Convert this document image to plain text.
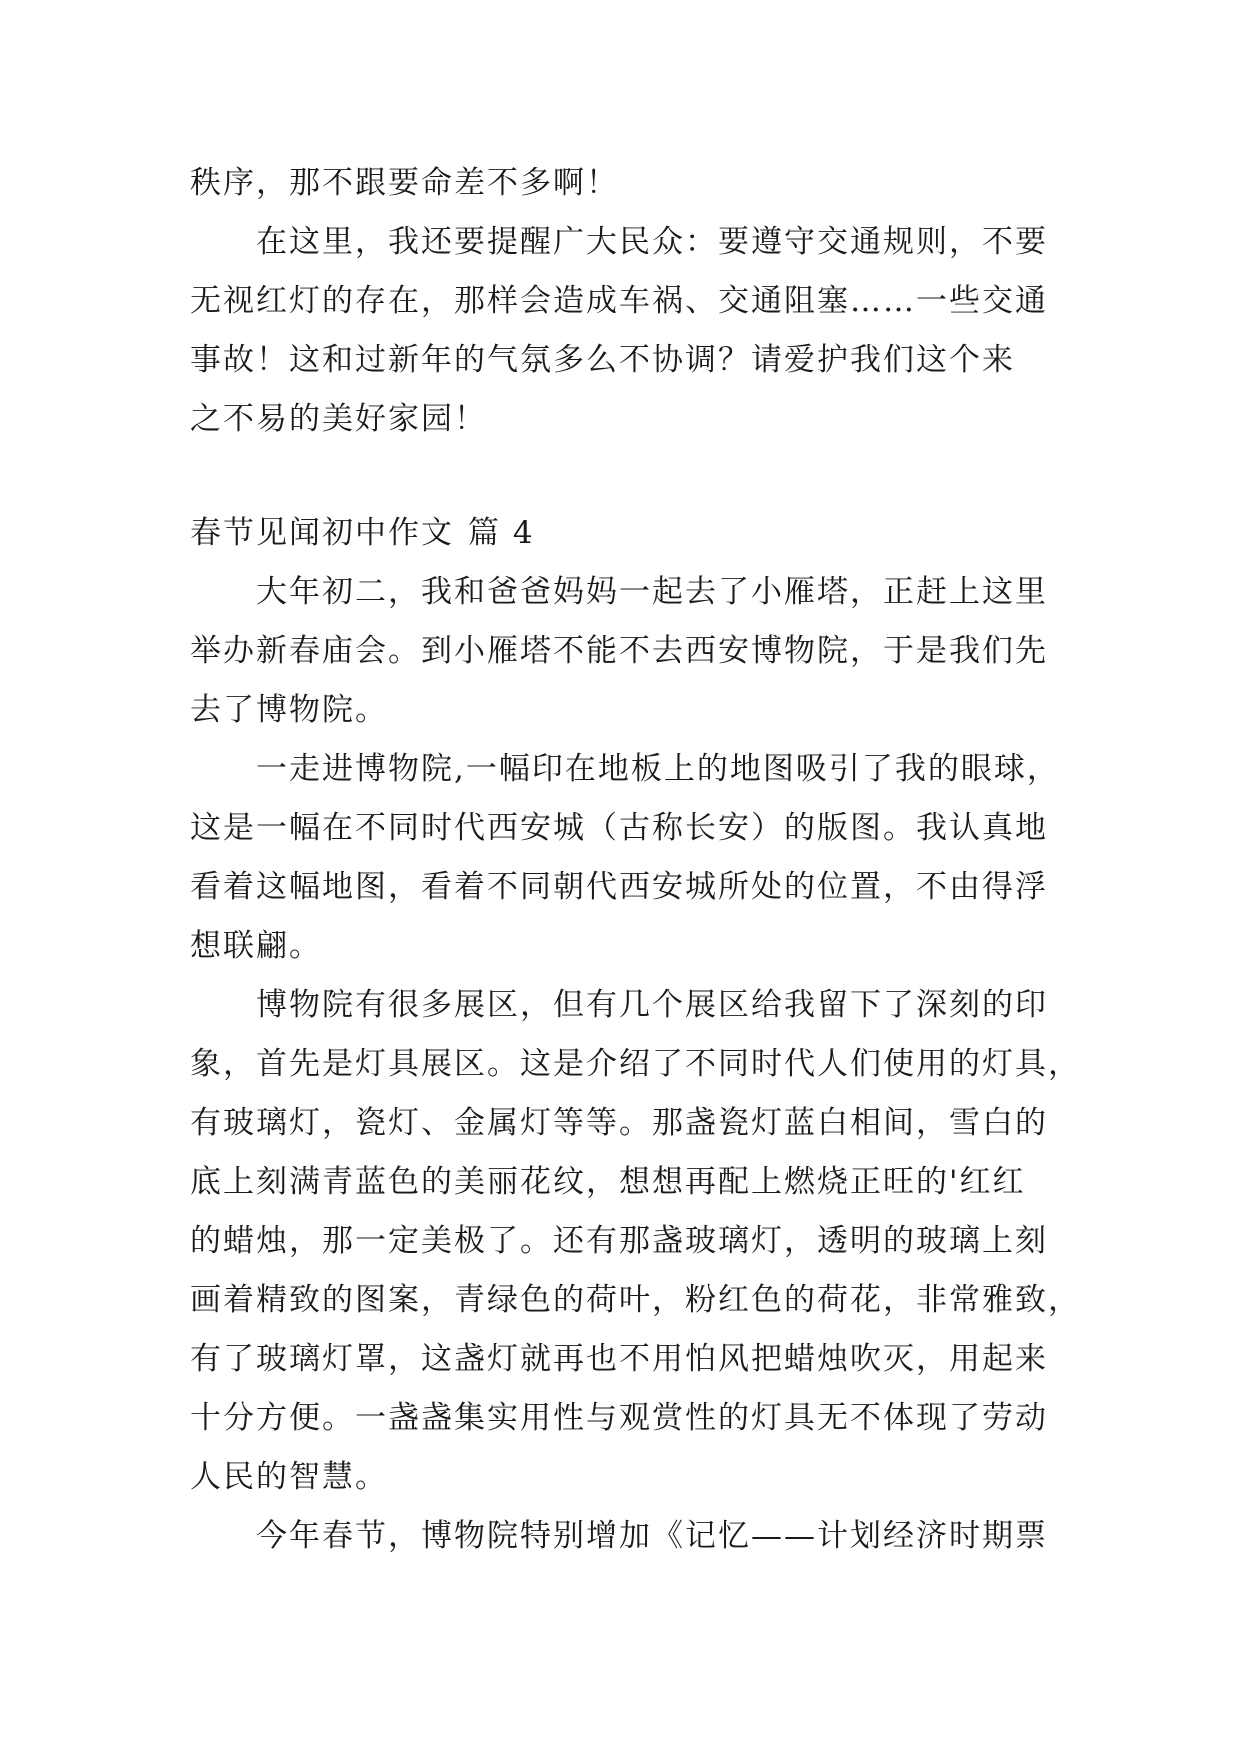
秩序，那不跟要命差不多啊！
在这里，我还要提醒广大民众：要遵守交通规则，不要
无视红灯的存在，那样会造成车祸、交通阻塞……一些交通
事故！这和过新年的气氛多么不协调？请爱护我们这个来
之不易的美好家园！
春节见闻初中作文 篇 4
大年初二，我和爸爸妈妈一起去了小雁塔，正赶上这里
举办新春庙会。到小雁塔不能不去西安博物院，于是我们先
去了博物院。
一走进博物院,一幅印在地板上的地图吸引了我的眼球，
这是一幅在不同时代西安城（古称长安）的版图。我认真地
看着这幅地图，看着不同朝代西安城所处的位置，不由得浮
想联翩。
博物院有很多展区，但有几个展区给我留下了深刻的印
象，首先是灯具展区。这是介绍了不同时代人们使用的灯具，
有玻璃灯，瓷灯、金属灯等等。那盏瓷灯蓝白相间，雪白的
底上刻满青蓝色的美丽花纹，想想再配上燃烧正旺的'红红
的蜡烛，那一定美极了。还有那盏玻璃灯，透明的玻璃上刻
画着精致的图案，青绿色的荷叶，粉红色的荷花，非常雅致，
有了玻璃灯罩，这盏灯就再也不用怕风把蜡烛吹灭，用起来
十分方便。一盏盏集实用性与观赏性的灯具无不体现了劳动
人民的智慧。
今年春节，博物院特别增加《记忆——计划经济时期票
